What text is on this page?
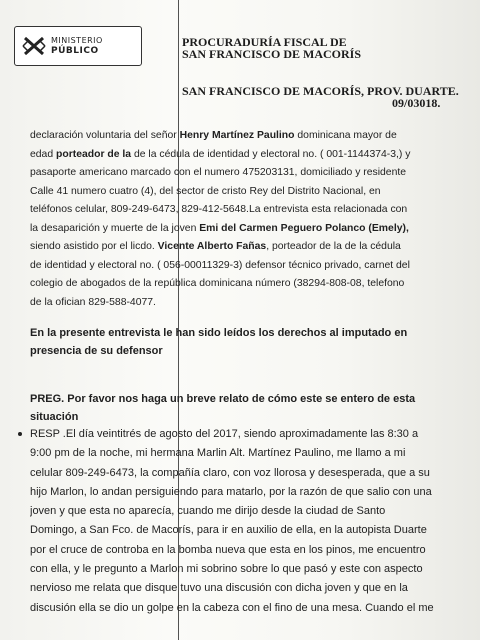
MINISTERIO
PÚBLICO
PROCURADURÍA FISCAL DE
SAN FRANCISCO DE MACORÍS
SAN FRANCISCO DE MACORÍS, PROV. DUARTE.
09/03018.
declaración voluntaria del señor Henry Martínez Paulino dominicana mayor de
edad porteador de la de la cédula de identidad y electoral no. ( 001-1144374-3,) y
pasaporte americano marcado con el numero 475203131, domiciliado y residente
Calle 41 numero cuatro (4), del sector de cristo Rey del Distrito Nacional, en
teléfonos celular, 809-249-6473, 829-412-5648.La entrevista esta relacionada con
la desaparición y muerte de la joven Emi del Carmen Peguero Polanco (Emely),
siendo asistido por el licdo. Vicente Alberto Fañas, porteador de la de la cédula
de identidad y electoral no. ( 056-00011329-3) defensor técnico privado, carnet del
colegio de abogados de la república dominicana número (38294-808-08, telefono
de la ofician 829-588-4077.
En la presente entrevista le han sido leídos los derechos al imputado en
presencia de su defensor
PREG. Por favor nos haga un breve relato de cómo este se entero de esta
situación
RESP .El día veintitrés de agosto del 2017, siendo aproximadamente las 8:30 a
9:00 pm de la noche, mi hermana Marlin Alt. Martínez Paulino, me llamo a mi
celular 809-249-6473, la compañía claro, con voz llorosa y desesperada, que a su
hijo Marlon, lo andan persiguiendo para matarlo, por la razón de que salio con una
joven y que esta no aparecía, cuando me dirijo desde la ciudad de Santo
Domingo, a San Fco. de Macorís, para ir en auxilio de ella, en la autopista Duarte
por el cruce de controba en la bomba nueva que esta en los pinos, me encuentro
con ella, y le pregunto a Marlon mi sobrino sobre lo que pasó y este con aspecto
nervioso me relata que disque tuvo una discusión con dicha joven y que en la
discusión ella se dio un golpe en la cabeza con el fino de una mesa. Cuando el me
